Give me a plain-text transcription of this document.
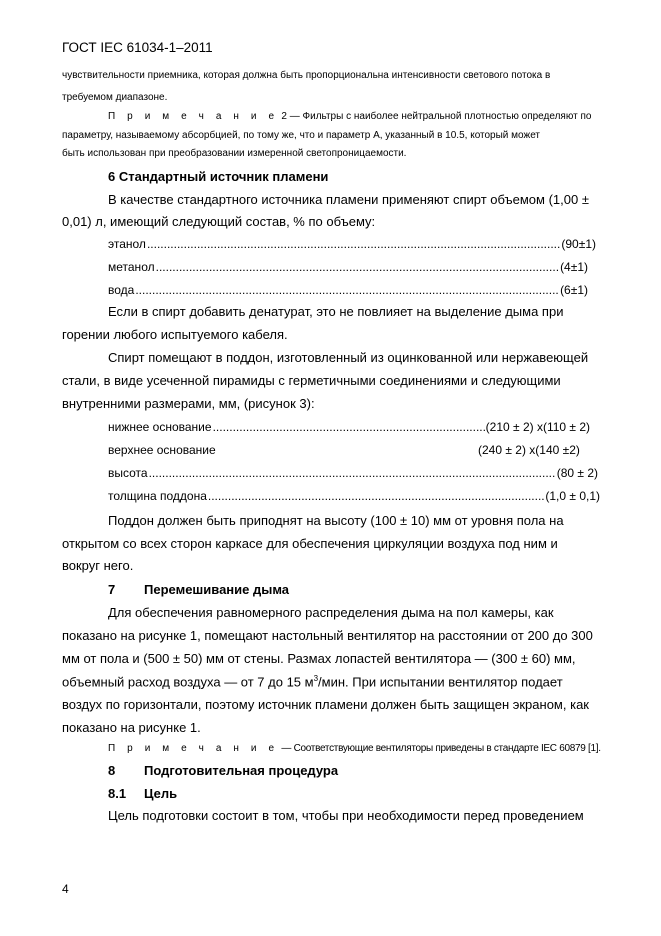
ГОСТ IEC 61034-1–2011
чувствительности приемника, которая должна быть пропорциональна интенсивности светового потока в
требуемом диапазоне.
П р и м е ч а н и е 2 — Фильтры с наиболее нейтральной плотностью определяют по
параметру, называемому абсорбцией, по тому же, что и параметр A, указанный в 10.5, который может
быть использован при преобразовании измеренной светопроницаемости.
6 Стандартный источник пламени
В качестве стандартного источника пламени применяют спирт объемом (1,00 ±
0,01) л, имеющий следующий состав, % по объему:
этанол .....	(90±1)
метанол .....	(4±1)
вода .....	(6±1)
Если в спирт добавить денатурат, это не повлияет на выделение дыма при
горении любого испытуемого кабеля.
Спирт помещают в поддон, изготовленный из оцинкованной или нержавеющей
стали, в виде усеченной пирамиды с герметичными соединениями и следующими
внутренними размерами, мм, (рисунок 3):
нижнее основание .....	(210 ± 2) x(110 ± 2)
верхнее основание	(240 ± 2) x(140 ±2)
высота .....	(80 ± 2)
толщина поддона .....	(1,0 ± 0,1)
Поддон должен быть приподнят на высоту (100 ± 10) мм от уровня пола на
открытом со всех сторон каркасе для обеспечения циркуляции воздуха под ним и
вокруг него.
7 Перемешивание дыма
Для обеспечения равномерного распределения дыма на пол камеры, как
показано на рисунке 1, помещают настольный вентилятор на расстоянии от 200 до 300
мм от пола и (500 ± 50) мм от стены. Размах лопастей вентилятора — (300 ± 60) мм,
объемный расход воздуха — от 7 до 15 $м^3$/мин. При испытании вентилятор подает
воздух по горизонтали, поэтому источник пламени должен быть защищен экраном, как
показано на рисунке 1.
П р и м е ч а н и е — Соответствующие вентиляторы приведены в стандарте IEC 60879 [1].
8 Подготовительная процедура
8.1 Цель
Цель подготовки состоит в том, чтобы при необходимости перед проведением
4
